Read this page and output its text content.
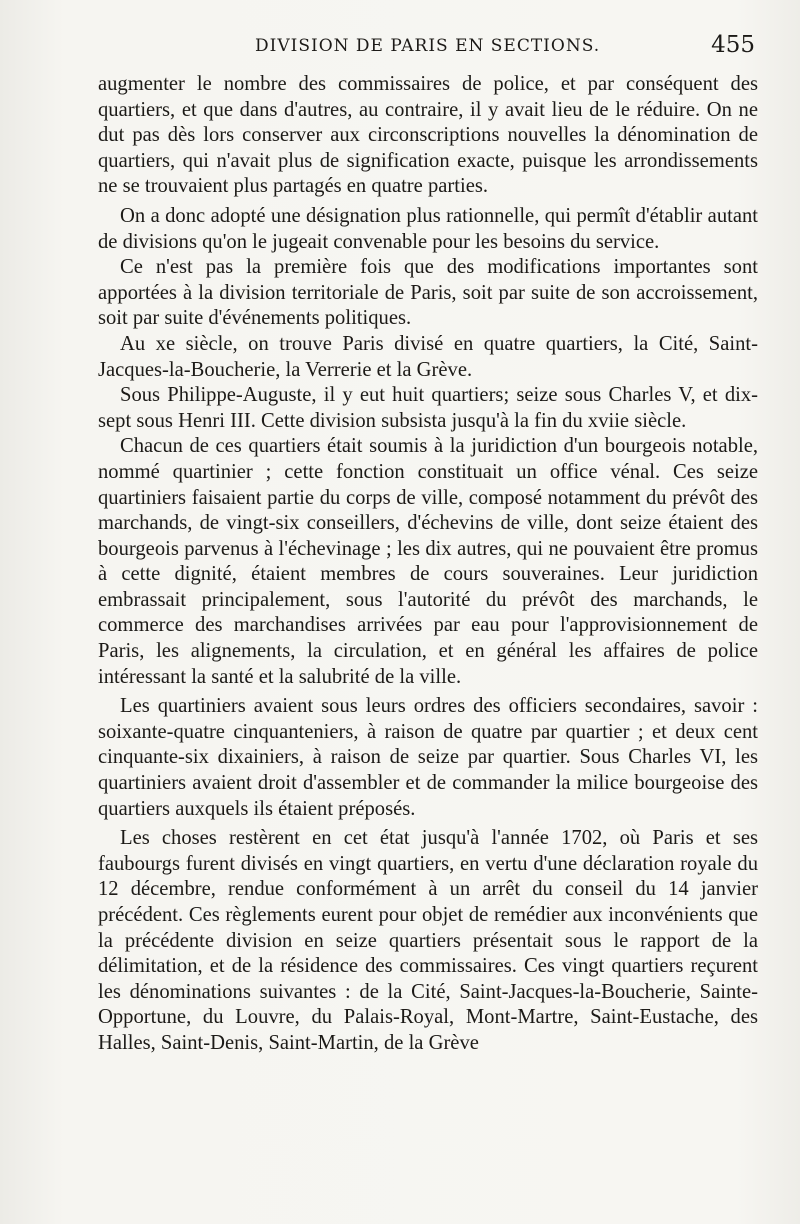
DIVISION DE PARIS EN SECTIONS.	455

augmenter le nombre des commissaires de police, et par conséquent des quartiers, et que dans d'autres, au contraire, il y avait lieu de le réduire. On ne dut pas dès lors conserver aux circonscriptions nouvelles la dénomination de quartiers, qui n'avait plus de signification exacte, puisque les arrondissements ne se trouvaient plus partagés en quatre parties.

On a donc adopté une désignation plus rationnelle, qui permît d'établir autant de divisions qu'on le jugeait convenable pour les besoins du service.

Ce n'est pas la première fois que des modifications importantes sont apportées à la division territoriale de Paris, soit par suite de son accroissement, soit par suite d'événements politiques.

Au xe siècle, on trouve Paris divisé en quatre quartiers, la Cité, Saint-Jacques-la-Boucherie, la Verrerie et la Grève.

Sous Philippe-Auguste, il y eut huit quartiers; seize sous Charles V, et dix-sept sous Henri III. Cette division subsista jusqu'à la fin du xviie siècle.

Chacun de ces quartiers était soumis à la juridiction d'un bourgeois notable, nommé quartinier ; cette fonction constituait un office vénal. Ces seize quartiniers faisaient partie du corps de ville, composé notamment du prévôt des marchands, de vingt-six conseillers, d'échevins de ville, dont seize étaient des bourgeois parvenus à l'échevinage ; les dix autres, qui ne pouvaient être promus à cette dignité, étaient membres de cours souveraines. Leur juridiction embrassait principalement, sous l'autorité du prévôt des marchands, le commerce des marchandises arrivées par eau pour l'approvisionnement de Paris, les alignements, la circulation, et en général les affaires de police intéressant la santé et la salubrité de la ville.

Les quartiniers avaient sous leurs ordres des officiers secondaires, savoir : soixante-quatre cinquanteniers, à raison de quatre par quartier ; et deux cent cinquante-six dixainiers, à raison de seize par quartier. Sous Charles VI, les quartiniers avaient droit d'assembler et de commander la milice bourgeoise des quartiers auxquels ils étaient préposés.

Les choses restèrent en cet état jusqu'à l'année 1702, où Paris et ses faubourgs furent divisés en vingt quartiers, en vertu d'une déclaration royale du 12 décembre, rendue conformément à un arrêt du conseil du 14 janvier précédent. Ces règlements eurent pour objet de remédier aux inconvénients que la précédente division en seize quartiers présentait sous le rapport de la délimitation, et de la résidence des commissaires. Ces vingt quartiers reçurent les dénominations suivantes : de la Cité, Saint-Jacques-la-Boucherie, Sainte-Opportune, du Louvre, du Palais-Royal, Mont-Martre, Saint-Eustache, des Halles, Saint-Denis, Saint-Martin, de la Grève
